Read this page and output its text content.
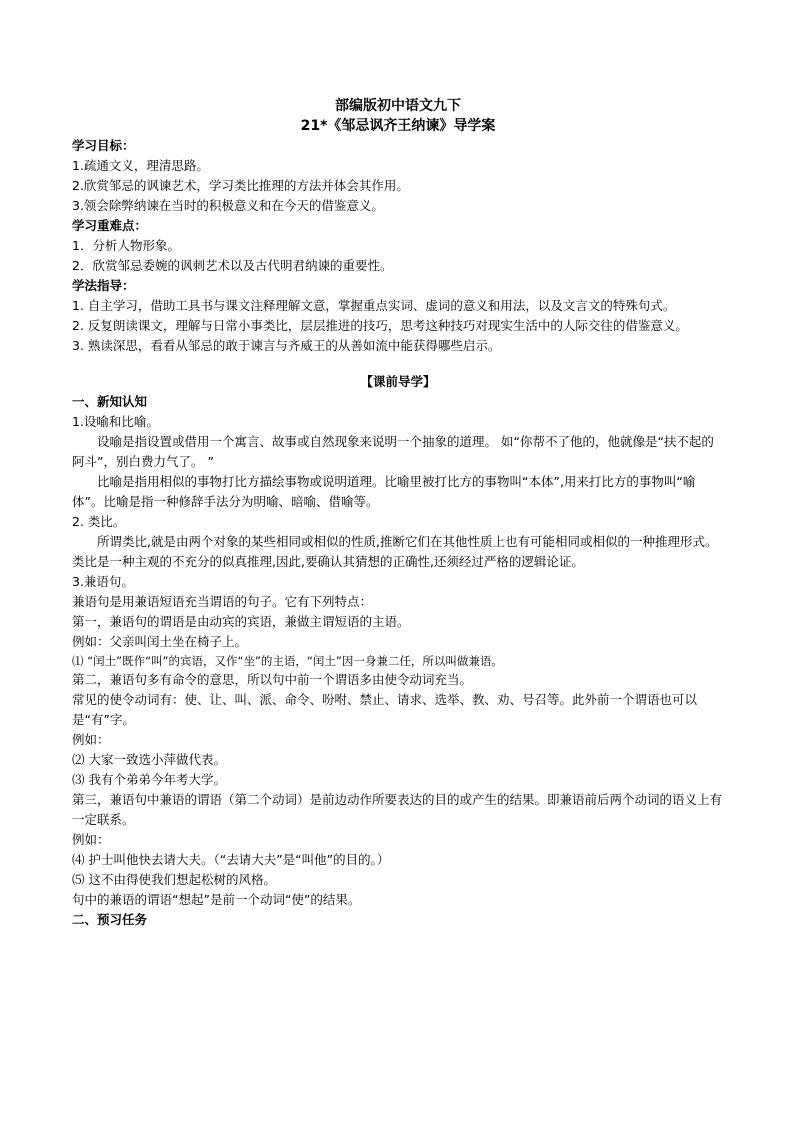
部编版初中语文九下

21*《邹忌讽齐王纳谏》导学案

学习目标：

1.疏通文义，理清思路。

2.欣赏邹忌的讽谏艺术，学习类比推理的方法并体会其作用。

3.领会除弊纳谏在当时的积极意义和在今天的借鉴意义。

学习重难点：

1．分析人物形象。

2．欣赏邹忌委婉的讽刺艺术以及古代明君纳谏的重要性。

学法指导：

1. 自主学习，借助工具书与课文注释理解文意，掌握重点实词、虚词的意义和用法，以及文言文的特殊句式。

2. 反复朗读课文，理解与日常小事类比，层层推进的技巧，思考这种技巧对现实生活中的人际交往的借鉴意义。

3. 熟读深思，看看从邹忌的敢于谏言与齐威王的从善如流中能获得哪些启示。

【课前导学】

一、新知认知

1.设喻和比喻。

设喻是指设置或借用一个寓言、故事或自然现象来说明一个抽象的道理。 如“你帮不了他的，他就像是“扶不起的阿斗”，别白费力气了。 ”

比喻是指用相似的事物打比方描绘事物或说明道理。比喻里被打比方的事物叫“本体”,用来打比方的事物叫“喻体”。比喻是指一种修辞手法分为明喻、暗喻、借喻等。

2. 类比。

所谓类比,就是由两个对象的某些相同或相似的性质,推断它们在其他性质上也有可能相同或相似的一种推理形式。类比是一种主观的不充分的似真推理,因此,要确认其猜想的正确性,还须经过严格的逻辑论证。

3.兼语句。

兼语句是用兼语短语充当谓语的句子。它有下列特点：

第一，兼语句的谓语是由动宾的宾语，兼做主谓短语的主语。

例如：父亲叫闰土坐在椅子上。

⑴ “闰土”既作“叫”的宾语，又作“坐”的主语，“闰土”因一身兼二任，所以叫做兼语。

第二，兼语句多有命令的意思，所以句中前一个谓语多由使令动词充当。

常见的使令动词有：使、让、叫、派、命令、吩咐、禁止、请求、选举、教、劝、号召等。此外前一个谓语也可以是“有”字。

例如：

⑵ 大家一致选小萍做代表。

⑶ 我有个弟弟今年考大学。

第三，兼语句中兼语的谓语（第二个动词）是前边动作所要表达的目的或产生的结果。即兼语前后两个动词的语义上有一定联系。

例如：

⑷ 护士叫他快去请大夫。（“去请大夫”是“叫他”的目的。）

⑸ 这不由得使我们想起松树的风格。

句中的兼语的谓语“想起”是前一个动词“使”的结果。

二、预习任务
